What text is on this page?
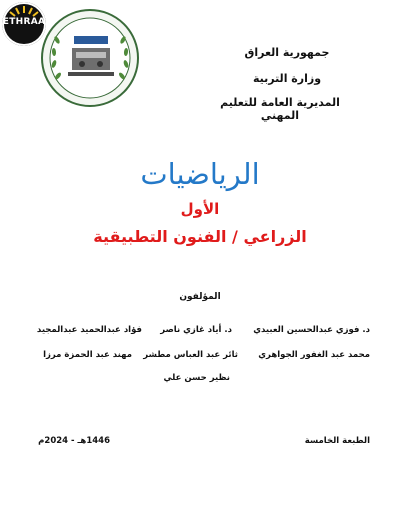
ETHRAA
جمهورية العراق
وزارة التربية
المديرية العامة للتعليم المهني
الرياضيات
الأول
الزراعي / الفنون التطبيقية
المؤلفون
د. فوزي عبدالحسين العبيدي
د. أياد غازي ناصر
فؤاد عبدالحميد عبدالمجيد
محمد عبد الغفور الجواهري
ثائر عبد العباس مطشر
مهند عبد الحمزة مرزا
نظير حسن علي
الطبعة الخامسة
1446هـ - 2024م
